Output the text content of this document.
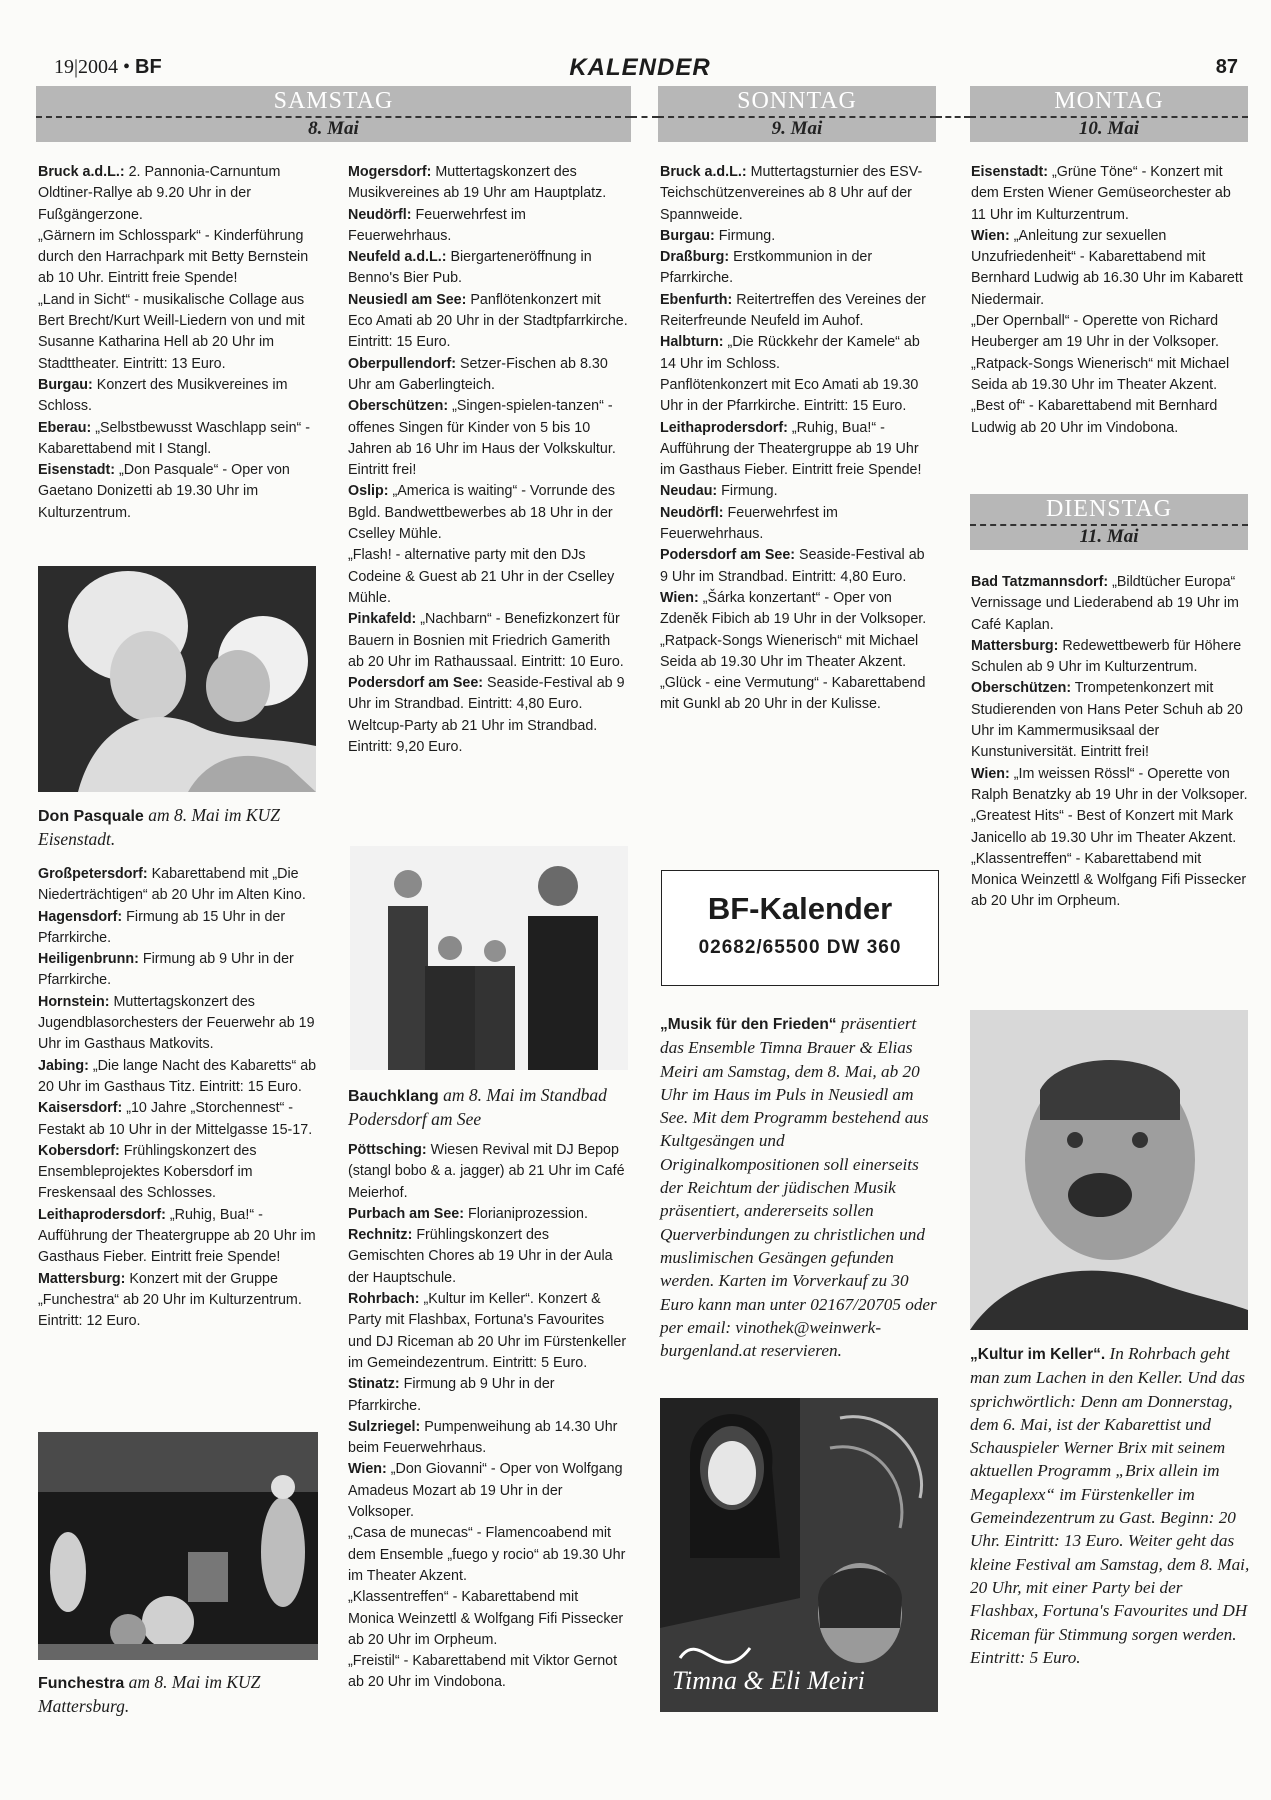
19|2004 • BF	KALENDER	87
SAMSTAG
8. Mai
SONNTAG
9. Mai
MONTAG
10. Mai
DIENSTAG
11. Mai

Bruck a.d.L.: 2. Pannonia-Carnuntum Oldtiner-Rallye ab 9.20 Uhr in der Fußgängerzone.

„Gärnern im Schlosspark“ - Kinderführung durch den Harrachpark mit Betty Bernstein ab 10 Uhr. Eintritt freie Spende!

„Land in Sicht“ - musikalische Collage aus Bert Brecht/Kurt Weill-Liedern von und mit Susanne Katharina Hell ab 20 Uhr im Stadttheater. Eintritt: 13 Euro.

Burgau: Konzert des Musikvereines im Schloss.

Eberau: „Selbstbewusst Waschlapp sein“ - Kabarettabend mit I Stangl.

Eisenstadt: „Don Pasquale“ - Oper von Gaetano Donizetti ab 19.30 Uhr im Kulturzentrum.

Don Pasquale am 8. Mai im KUZ Eisenstadt.

Großpetersdorf: Kabarettabend mit „Die Niederträchtigen“ ab 20 Uhr im Alten Kino.

Hagensdorf: Firmung ab 15 Uhr in der Pfarrkirche.

Heiligenbrunn: Firmung ab 9 Uhr in der Pfarrkirche.

Hornstein: Muttertagskonzert des Jugendblasorchesters der Feuerwehr ab 19 Uhr im Gasthaus Matkovits.

Jabing: „Die lange Nacht des Kabaretts“ ab 20 Uhr im Gasthaus Titz. Eintritt: 15 Euro.

Kaisersdorf: „10 Jahre „Storchennest“ - Festakt ab 10 Uhr in der Mittelgasse 15-17.

Kobersdorf: Frühlingskonzert des Ensembleprojektes Kobersdorf im Freskensaal des Schlosses.

Leithaprodersdorf: „Ruhig, Bua!“ - Aufführung der Theatergruppe ab 20 Uhr im Gasthaus Fieber. Eintritt freie Spende!

Mattersburg: Konzert mit der Gruppe „Funchestra“ ab 20 Uhr im Kulturzentrum. Eintritt: 12 Euro.

Funchestra am 8. Mai im KUZ Mattersburg.

Mogersdorf: Muttertagskonzert des Musikvereines ab 19 Uhr am Hauptplatz.

Neudörfl: Feuerwehrfest im Feuerwehrhaus.

Neufeld a.d.L.: Biergarteneröffnung in Benno's Bier Pub.

Neusiedl am See: Panflötenkonzert mit Eco Amati ab 20 Uhr in der Stadtpfarrkirche. Eintritt: 15 Euro.

Oberpullendorf: Setzer-Fischen ab 8.30 Uhr am Gaberlingteich.

Oberschützen: „Singen-spielen-tanzen“ - offenes Singen für Kinder von 5 bis 10 Jahren ab 16 Uhr im Haus der Volkskultur. Eintritt frei!

Oslip: „America is waiting“ - Vorrunde des Bgld. Bandwettbewerbes ab 18 Uhr in der Cselley Mühle.

„Flash! - alternative party mit den DJs Codeine & Guest ab 21 Uhr in der Cselley Mühle.

Pinkafeld: „Nachbarn“ - Benefizkonzert für Bauern in Bosnien mit Friedrich Gamerith ab 20 Uhr im Rathaussaal. Eintritt: 10 Euro.

Podersdorf am See: Seaside-Festival ab 9 Uhr im Strandbad. Eintritt: 4,80 Euro.

Weltcup-Party ab 21 Uhr im Strandbad. Eintritt: 9,20 Euro.

Bauchklang am 8. Mai im Standbad Podersdorf am See

Pöttsching: Wiesen Revival mit DJ Bepop (stangl bobo & a. jagger) ab 21 Uhr im Café Meierhof.

Purbach am See: Florianiprozession.

Rechnitz: Frühlingskonzert des Gemischten Chores ab 19 Uhr in der Aula der Hauptschule.

Rohrbach: „Kultur im Keller“. Konzert & Party mit Flashbax, Fortuna's Favourites und DJ Riceman ab 20 Uhr im Fürstenkeller im Gemeindezentrum. Eintritt: 5 Euro.

Stinatz: Firmung ab 9 Uhr in der Pfarrkirche.

Sulzriegel: Pumpenweihung ab 14.30 Uhr beim Feuerwehrhaus.

Wien: „Don Giovanni“ - Oper von Wolfgang Amadeus Mozart ab 19 Uhr in der Volksoper.

„Casa de munecas“ - Flamencoabend mit dem Ensemble „fuego y rocio“ ab 19.30 Uhr im Theater Akzent.

„Klassentreffen“ - Kabarettabend mit Monica Weinzettl & Wolfgang Fifi Pissecker ab 20 Uhr im Orpheum.

„Freistil“ - Kabarettabend mit Viktor Gernot ab 20 Uhr im Vindobona.

Bruck a.d.L.: Muttertagsturnier des ESV-Teichschützenvereines ab 8 Uhr auf der Spannweide.

Burgau: Firmung.

Draßburg: Erstkommunion in der Pfarrkirche.

Ebenfurth: Reitertreffen des Vereines der Reiterfreunde Neufeld im Auhof.

Halbturn: „Die Rückkehr der Kamele“ ab 14 Uhr im Schloss.

Panflötenkonzert mit Eco Amati ab 19.30 Uhr in der Pfarrkirche. Eintritt: 15 Euro.

Leithaprodersdorf: „Ruhig, Bua!“ - Aufführung der Theatergruppe ab 19 Uhr im Gasthaus Fieber. Eintritt freie Spende!

Neudau: Firmung.

Neudörfl: Feuerwehrfest im Feuerwehrhaus.

Podersdorf am See: Seaside-Festival ab 9 Uhr im Strandbad. Eintritt: 4,80 Euro.

Wien: „Šárka konzertant“ - Oper von Zdeněk Fibich ab 19 Uhr in der Volksoper.

„Ratpack-Songs Wienerisch“ mit Michael Seida ab 19.30 Uhr im Theater Akzent.

„Glück - eine Vermutung“ - Kabarettabend mit Gunkl ab 20 Uhr in der Kulisse.

BF-Kalender
02682/65500 DW 360
„Musik für den Frieden“ präsentiert das Ensemble Timna Brauer & Elias Meiri am Samstag, dem 8. Mai, ab 20 Uhr im Haus im Puls in Neusiedl am See. Mit dem Programm bestehend aus Kultgesängen und Originalkompositionen soll einerseits der Reichtum der jüdischen Musik präsentiert, andererseits sollen Querverbindungen zu christlichen und muslimischen Gesängen gefunden werden. Karten im Vorverkauf zu 30 Euro kann man unter 02167/20705 oder per email: vinothek@weinwerk-burgenland.at reservieren.
Timna & Eli Meiri

Eisenstadt: „Grüne Töne“ - Konzert mit dem Ersten Wiener Gemüseorchester ab 11 Uhr im Kulturzentrum.

Wien: „Anleitung zur sexuellen Unzufriedenheit“ - Kabarettabend mit Bernhard Ludwig ab 16.30 Uhr im Kabarett Niedermair.

„Der Opernball“ - Operette von Richard Heuberger am 19 Uhr in der Volksoper.

„Ratpack-Songs Wienerisch“ mit Michael Seida ab 19.30 Uhr im Theater Akzent.

„Best of“ - Kabarettabend mit Bernhard Ludwig ab 20 Uhr im Vindobona.

Bad Tatzmannsdorf: „Bildtücher Europa“ Vernissage und Liederabend ab 19 Uhr im Café Kaplan.

Mattersburg: Redewettbewerb für Höhere Schulen ab 9 Uhr im Kulturzentrum.

Oberschützen: Trompetenkonzert mit Studierenden von Hans Peter Schuh ab 20 Uhr im Kammermusiksaal der Kunstuniversität. Eintritt frei!

Wien: „Im weissen Rössl“ - Operette von Ralph Benatzky ab 19 Uhr in der Volksoper.

„Greatest Hits“ - Best of Konzert mit Mark Janicello ab 19.30 Uhr im Theater Akzent.

„Klassentreffen“ - Kabarettabend mit Monica Weinzettl & Wolfgang Fifi Pissecker ab 20 Uhr im Orpheum.

„Kultur im Keller“. In Rohrbach geht man zum Lachen in den Keller. Und das sprichwörtlich: Denn am Donnerstag, dem 6. Mai, ist der Kabarettist und Schauspieler Werner Brix mit seinem aktuellen Programm „Brix allein im Megaplexx“ im Fürstenkeller im Gemeindezentrum zu Gast. Beginn: 20 Uhr. Eintritt: 13 Euro. Weiter geht das kleine Festival am Samstag, dem 8. Mai, 20 Uhr, mit einer Party bei der Flashbax, Fortuna's Favourites und DH Riceman für Stimmung sorgen werden. Eintritt: 5 Euro.
